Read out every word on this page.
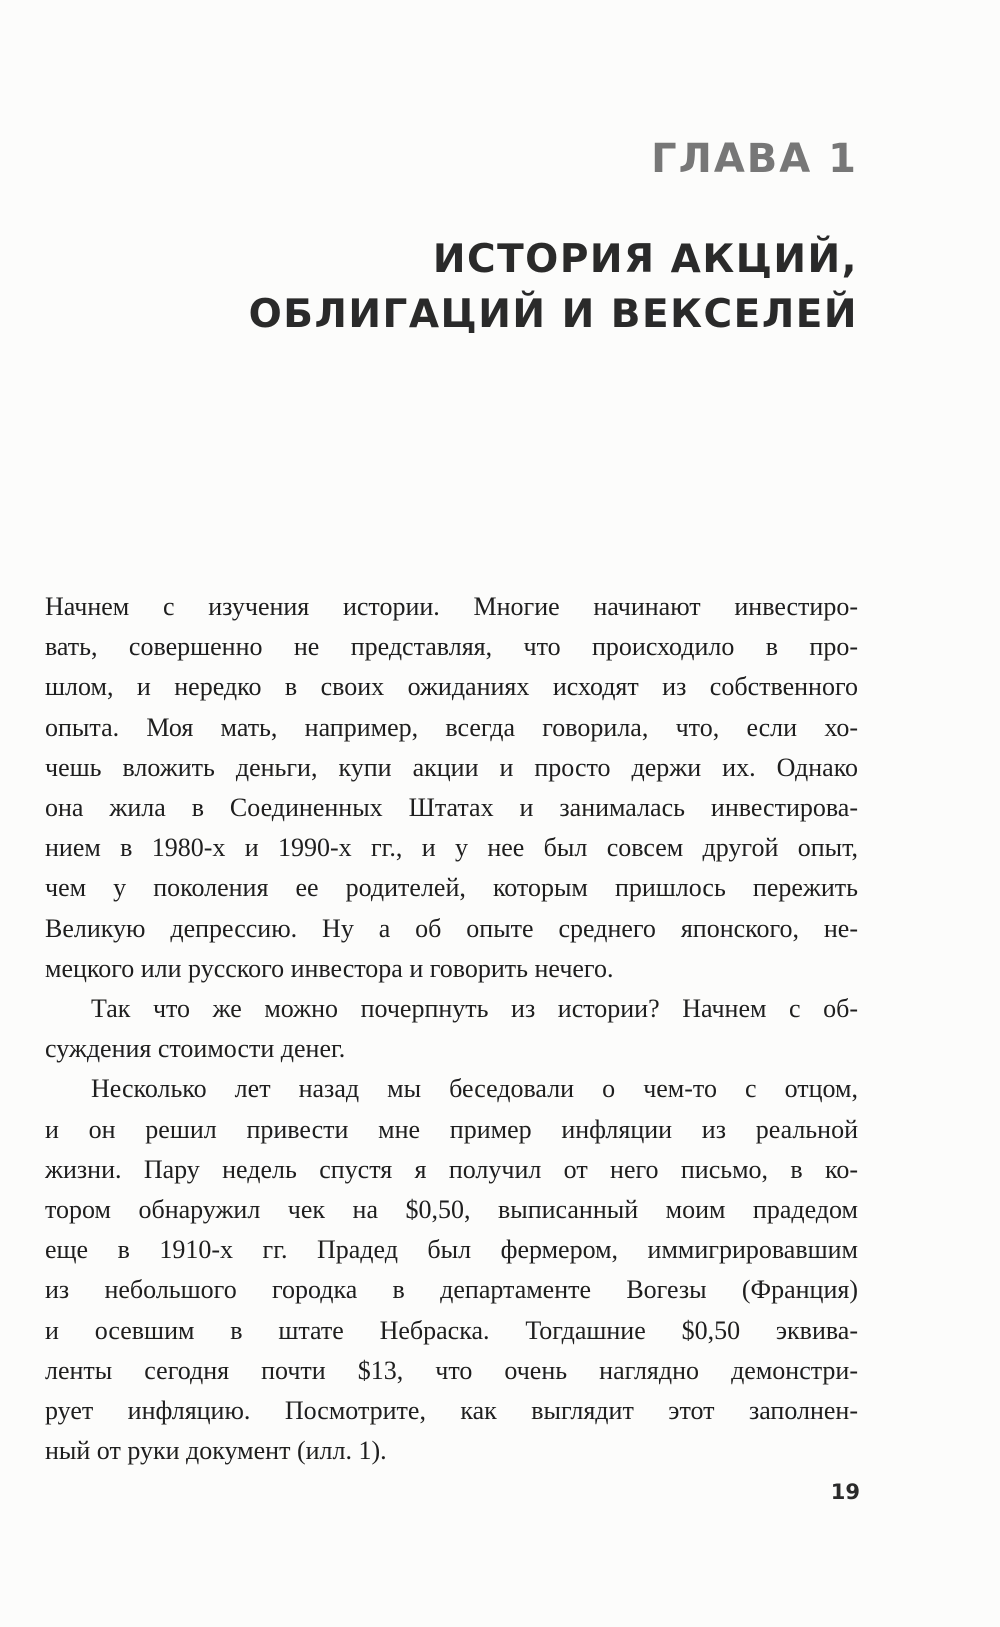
ГЛАВА 1
ИСТОРИЯ АКЦИЙ,
ОБЛИГАЦИЙ И ВЕКСЕЛЕЙ
Начнем с изучения истории. Многие начинают инвестиро-
вать, совершенно не представляя, что происходило в про-
шлом, и нередко в своих ожиданиях исходят из собственного
опыта. Моя мать, например, всегда говорила, что, если хо-
чешь вложить деньги, купи акции и просто держи их. Однако
она жила в Соединенных Штатах и занималась инвестирова-
нием в 1980-х и 1990-х гг., и у нее был совсем другой опыт,
чем у поколения ее родителей, которым пришлось пережить
Великую депрессию. Ну а об опыте среднего японского, не-
мецкого или русского инвестора и говорить нечего.
Так что же можно почерпнуть из истории? Начнем с об-
суждения стоимости денег.
Несколько лет назад мы беседовали о чем-то с отцом,
и он решил привести мне пример инфляции из реальной
жизни. Пару недель спустя я получил от него письмо, в ко-
тором обнаружил чек на $0,50, выписанный моим прадедом
еще в 1910-х гг. Прадед был фермером, иммигрировавшим
из небольшого городка в департаменте Вогезы (Франция)
и осевшим в штате Небраска. Тогдашние $0,50 эквива-
ленты сегодня почти $13, что очень наглядно демонстри-
рует инфляцию. Посмотрите, как выглядит этот заполнен-
ный от руки документ (илл. 1).
19
